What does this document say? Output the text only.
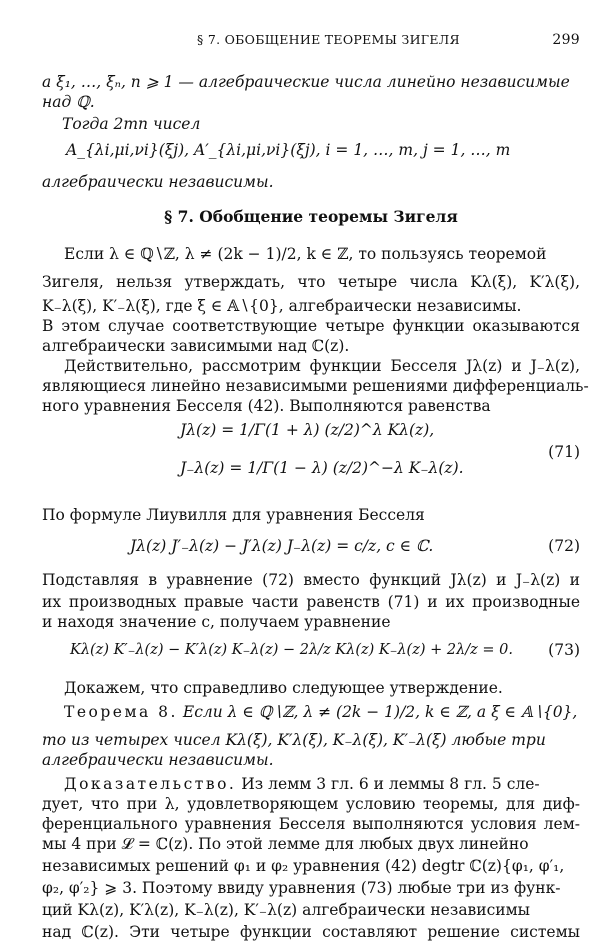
§ 7. ОБОБЩЕНИЕ ТЕОРЕМЫ ЗИГЕЛЯ	299
a ξ₁, …, ξₙ, n ⩾ 1 — алгебраические числа линейно независимые
над ℚ.
Тогда 2mn чисел
A_{λi,μi,νi}(ξj), A′_{λi,μi,νi}(ξj), i = 1, …, m, j = 1, …, m
алгебраически независимы.
§ 7. Обобщение теоремы Зигеля
Если λ ∈ ℚ∖ℤ, λ ≠ (2k − 1)/2, k ∈ ℤ, то пользуясь теоремой
Зигеля, нельзя утверждать, что четыре числа Kλ(ξ), K′λ(ξ),
K₋λ(ξ), K′₋λ(ξ), где ξ ∈ 𝔸∖{0}, алгебраически независимы.
В этом случае соответствующие четыре функции оказываются
алгебраически зависимыми над ℂ(z).
Действительно, рассмотрим функции Бесселя Jλ(z) и J₋λ(z),
являющиеся линейно независимыми решениями дифференциаль-
ного уравнения Бесселя (42). Выполняются равенства
Jλ(z) = 1/Γ(1 + λ) (z/2)^λ Kλ(z),
J₋λ(z) = 1/Γ(1 − λ) (z/2)^−λ K₋λ(z).
(71)
По формуле Лиувилля для уравнения Бесселя
Jλ(z) J′₋λ(z) − J′λ(z) J₋λ(z) = c/z, c ∈ ℂ.	(72)
Подставляя в уравнение (72) вместо функций Jλ(z) и J₋λ(z) и
их производных правые части равенств (71) и их производные
и находя значение c, получаем уравнение
Kλ(z) K′₋λ(z) − K′λ(z) K₋λ(z) − 2λ/z Kλ(z) K₋λ(z) + 2λ/z = 0.	(73)
Докажем, что справедливо следующее утверждение.
Теорема 8. Если λ ∈ ℚ∖ℤ, λ ≠ (2k − 1)/2, k ∈ ℤ, а ξ ∈ 𝔸∖{0},
то из четырех чисел Kλ(ξ), K′λ(ξ), K₋λ(ξ), K′₋λ(ξ) любые три
алгебраически независимы.
Доказательство. Из лемм 3 гл. 6 и леммы 8 гл. 5 сле-
дует, что при λ, удовлетворяющем условию теоремы, для диф-
ференциального уравнения Бесселя выполняются условия лем-
мы 4 при 𝓛 = ℂ(z). По этой лемме для любых двух линейно
независимых решений φ₁ и φ₂ уравнения (42) degtr ℂ(z){φ₁, φ′₁,
φ₂, φ′₂} ⩾ 3. Поэтому ввиду уравнения (73) любые три из функ-
ций Kλ(z), K′λ(z), K₋λ(z), K′₋λ(z) алгебраически независимы
над ℂ(z). Эти четыре функции составляют решение системы
